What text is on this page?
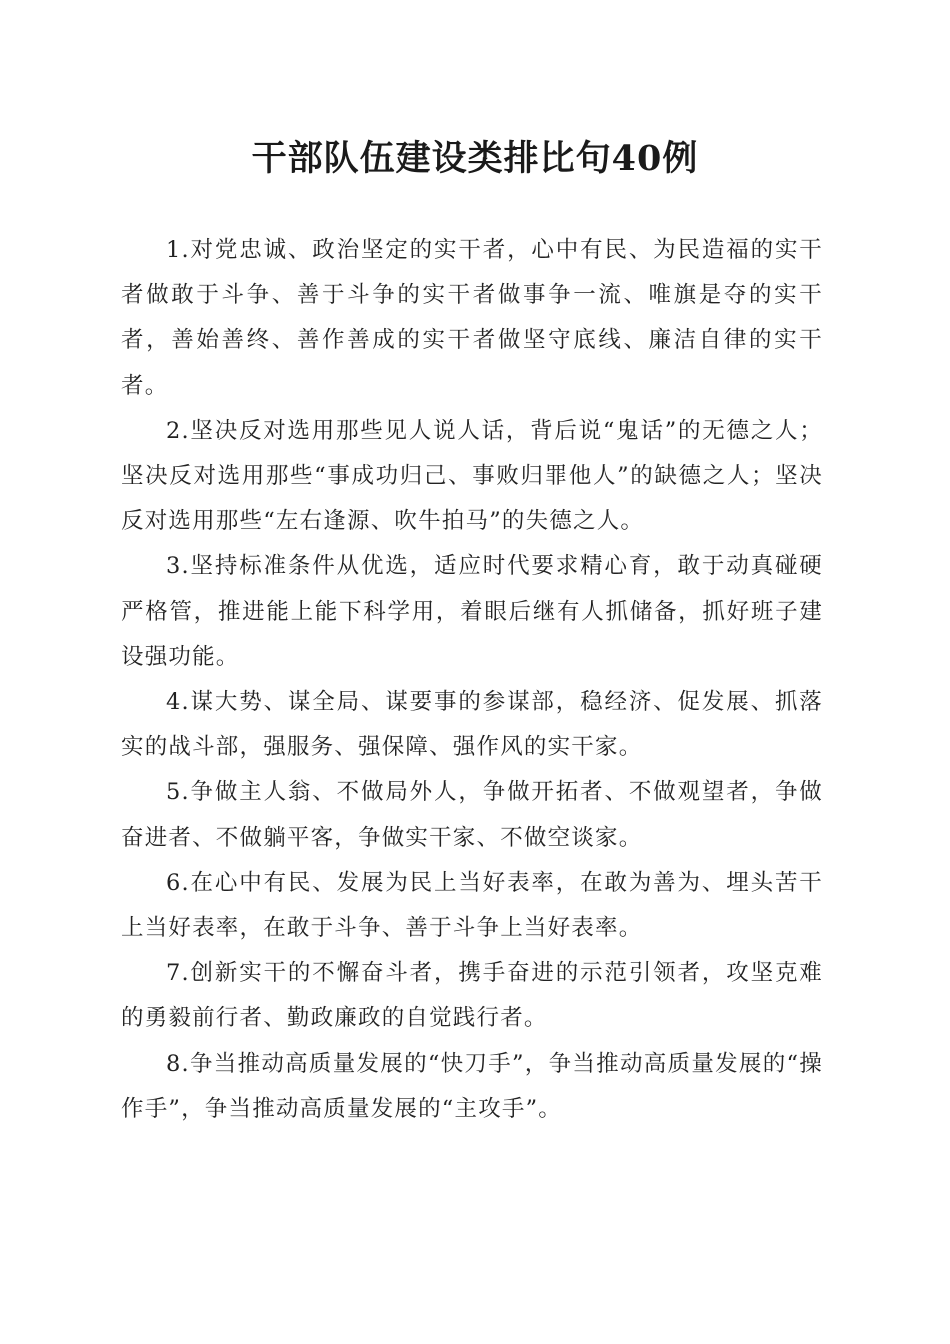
干部队伍建设类排比句40例

1.对党忠诚、政治坚定的实干者，心中有民、为民造福的实干者做敢于斗争、善于斗争的实干者做事争一流、唯旗是夺的实干者，善始善终、善作善成的实干者做坚守底线、廉洁自律的实干者。

2.坚决反对选用那些见人说人话，背后说“鬼话”的无德之人；坚决反对选用那些“事成功归己、事败归罪他人”的缺德之人；坚决反对选用那些“左右逢源、吹牛拍马”的失德之人。

3.坚持标准条件从优选，适应时代要求精心育，敢于动真碰硬严格管，推进能上能下科学用，着眼后继有人抓储备，抓好班子建设强功能。

4.谋大势、谋全局、谋要事的参谋部，稳经济、促发展、抓落实的战斗部，强服务、强保障、强作风的实干家。

5.争做主人翁、不做局外人，争做开拓者、不做观望者，争做奋进者、不做躺平客，争做实干家、不做空谈家。

6.在心中有民、发展为民上当好表率，在敢为善为、埋头苦干上当好表率，在敢于斗争、善于斗争上当好表率。

7.创新实干的不懈奋斗者，携手奋进的示范引领者，攻坚克难的勇毅前行者、勤政廉政的自觉践行者。

8.争当推动高质量发展的“快刀手”，争当推动高质量发展的“操作手”，争当推动高质量发展的“主攻手”。
